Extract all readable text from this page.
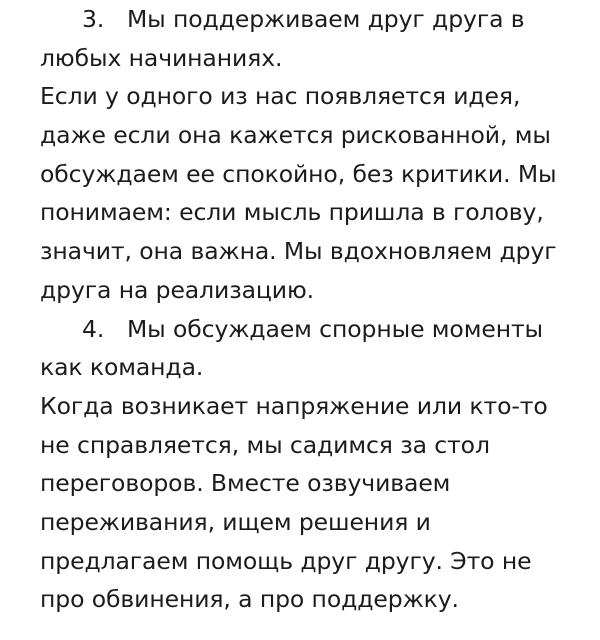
3. Мы поддерживаем друг друга в
любых начинаниях.
Если у одного из нас появляется идея,
даже если она кажется рискованной, мы
обсуждаем ее спокойно, без критики. Мы
понимаем: если мысль пришла в голову,
значит, она важна. Мы вдохновляем друг
друга на реализацию.
4. Мы обсуждаем спорные моменты
как команда.
Когда возникает напряжение или кто-то
не справляется, мы садимся за стол
переговоров. Вместе озвучиваем
переживания, ищем решения и
предлагаем помощь друг другу. Это не
про обвинения, а про поддержку.
